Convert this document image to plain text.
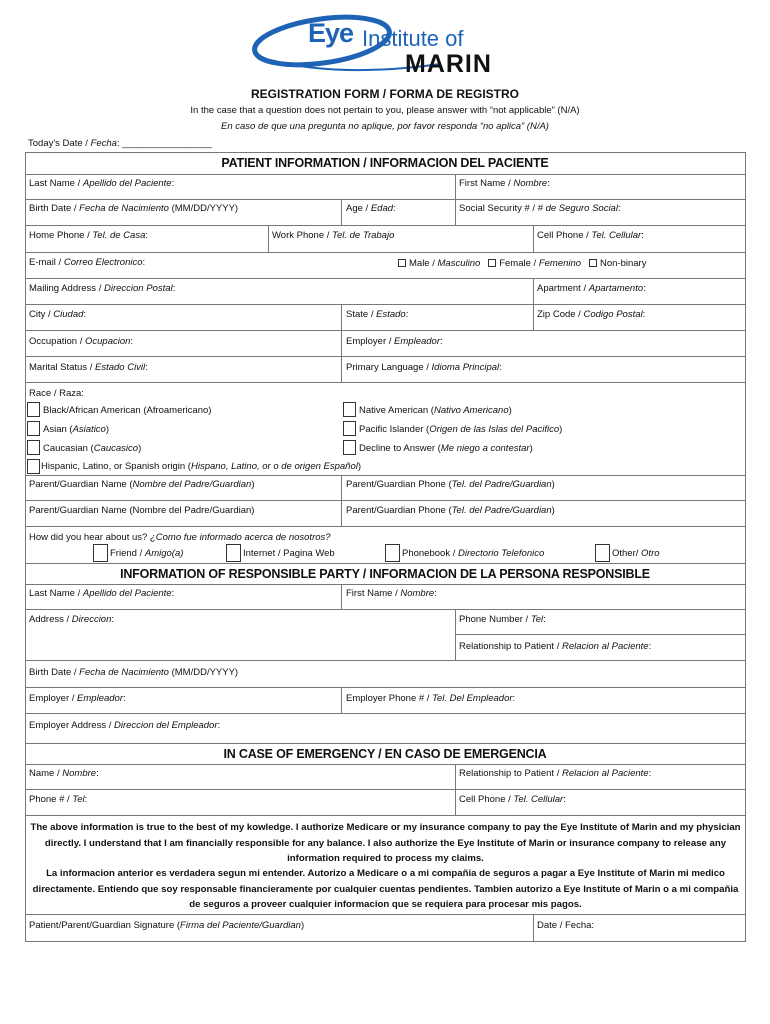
Eye Institute of
MARIN
REGISTRATION FORM / FORMA DE REGISTRO
In the case that a question does not pertain to you, please answer with “not applicable” (N/A)
En caso de que una pregunta no aplique, por favor responda “no aplica” (N/A)
Today's Date / Fecha: _________________
PATIENT INFORMATION / INFORMACION DEL PACIENTE
Last Name / Apellido del Paciente:	First Name / Nombre:
Birth Date / Fecha de Nacimiento (MM/DD/YYYY)	Age / Edad:	Social Security # / # de Seguro Social:
Home Phone / Tel. de Casa:	Work Phone / Tel. de Trabajo	Cell Phone / Tel. Cellular:
E-mail / Correo Electronico:	Male / Masculino Female / Femenino Non-binary
Mailing Address / Direccion Postal:	Apartment / Apartamento:
City / Ciudad:	State / Estado:	Zip Code / Codigo Postal:
Occupation / Ocupacion:	Employer / Empleador:
Marital Status / Estado Civil:	Primary Language / Idioma Principal:
Race / Raza:
Black/African American (Afroamericano)	Native American (Nativo Americano)
Asian (Asiatico)	Pacific Islander (Origen de las Islas del Pacifico)
Caucasian (Caucasico)	Decline to Answer (Me niego a contestar)
Hispanic, Latino, or Spanish origin (Hispano, Latino, or o de origen Español)
Parent/Guardian Name (Nombre del Padre/Guardian)	Parent/Guardian Phone (Tel. del Padre/Guardian)
Parent/Guardian Name (Nombre del Padre/Guardian)	Parent/Guardian Phone (Tel. del Padre/Guardian)
How did you hear about us? ¿Como fue informado acerca de nosotros?
Friend / Amigo(a)	Internet / Pagina Web	Phonebook / Directorio Telefonico	Other/ Otro
INFORMATION OF RESPONSIBLE PARTY / INFORMACION DE LA PERSONA RESPONSIBLE
Last Name / Apellido del Paciente:	First Name / Nombre:
Address / Direccion:	Phone Number / Tel:
Relationship to Patient / Relacion al Paciente:
Birth Date / Fecha de Nacimiento (MM/DD/YYYY)
Employer / Empleador:	Employer Phone # / Tel. Del Empleador:
Employer Address / Direccion del Empleador:
IN CASE OF EMERGENCY / EN CASO DE EMERGENCIA
Name / Nombre:	Relationship to Patient / Relacion al Paciente:
Phone # / Tel:	Cell Phone / Tel. Cellular:
The above information is true to the best of my kowledge. I authorize Medicare or my insurance company to pay the Eye Institute of Marin and my physician directly. I understand that I am financially responsible for any balance. I also authorize the Eye Institute of Marin or insurance company to release any information required to process my claims.
La informacion anterior es verdadera segun mi entender. Autorizo a Medicare o a mi compañia de seguros a pagar a Eye Institute of Marin mi medico directamente. Entiendo que soy responsable financieramente por cualquier cuentas pendientes. Tambien autorizo a Eye Institute of Marin o a mi compañia de seguros a proveer cualquier informacion que se requiera para procesar mis pagos.
Patient/Parent/Guardian Signature (Firma del Paciente/Guardian)	Date / Fecha:
